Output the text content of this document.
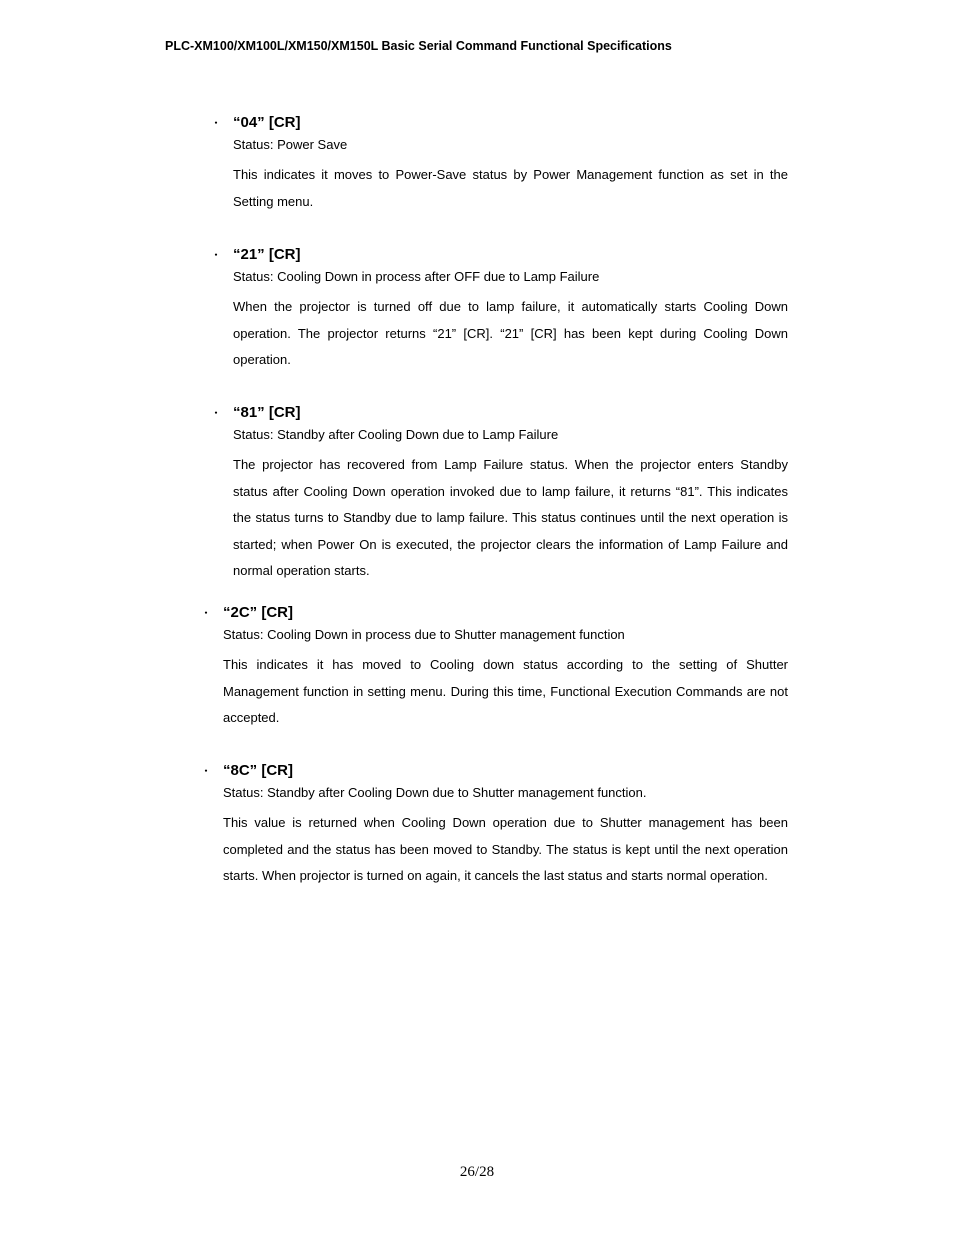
PLC-XM100/XM100L/XM150/XM150L Basic Serial Command Functional Specifications
・ “04” [CR]

Status: Power Save

This indicates it moves to Power-Save status by Power Management function as set in the Setting menu.

・ “21” [CR]

Status: Cooling Down in process after OFF due to Lamp Failure

When the projector is turned off due to lamp failure, it automatically starts Cooling Down operation. The projector returns “21” [CR]. “21” [CR] has been kept during Cooling Down operation.

・ “81” [CR]

Status: Standby after Cooling Down due to Lamp Failure

The projector has recovered from Lamp Failure status. When the projector enters Standby status after Cooling Down operation invoked due to lamp failure, it returns “81”. This indicates the status turns to Standby due to lamp failure. This status continues until the next operation is started; when Power On is executed, the projector clears the information of Lamp Failure and normal operation starts.

・ “2C” [CR]

Status: Cooling Down in process due to Shutter management function

This indicates it has moved to Cooling down status according to the setting of Shutter Management function in setting menu. During this time, Functional Execution Commands are not accepted.

・ “8C” [CR]

Status: Standby after Cooling Down due to Shutter management function.

This value is returned when Cooling Down operation due to Shutter management has been completed and the status has been moved to Standby. The status is kept until the next operation starts. When projector is turned on again, it cancels the last status and starts normal operation.

26/28
